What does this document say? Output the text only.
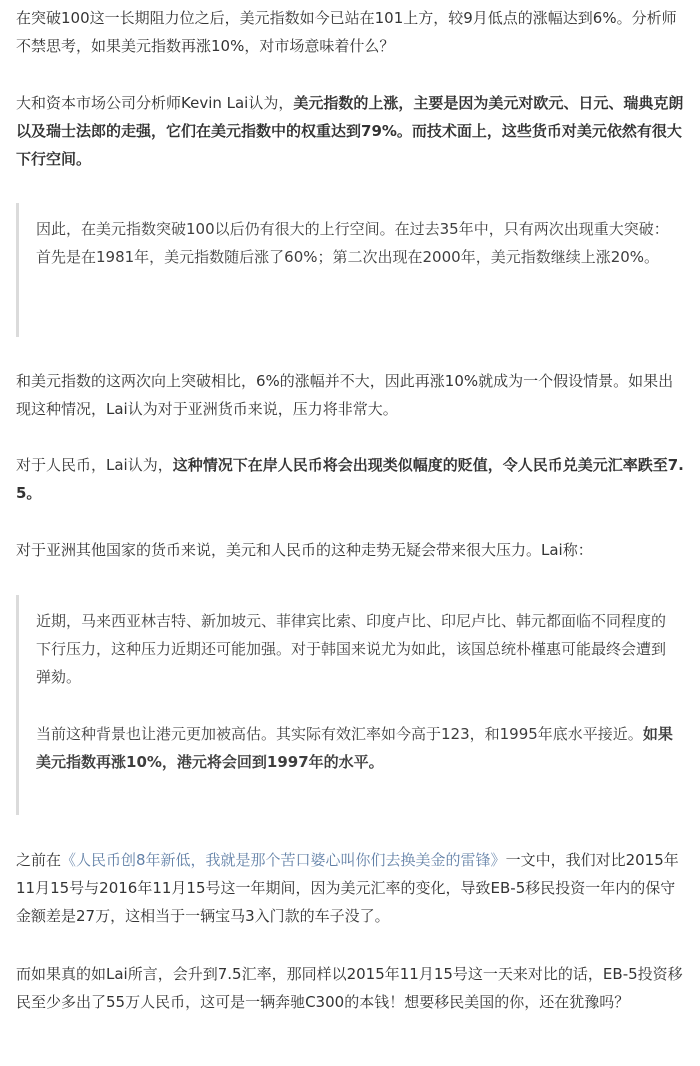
在突破100这一长期阻力位之后，美元指数如今已站在101上方，较9月低点的涨幅达到6%。分析师不禁思考，如果美元指数再涨10%，对市场意味着什么？

大和资本市场公司分析师Kevin Lai认为，美元指数的上涨，主要是因为美元对欧元、日元、瑞典克朗以及瑞士法郎的走强，它们在美元指数中的权重达到79%。而技术面上，这些货币对美元依然有很大下行空间。

因此，在美元指数突破100以后仍有很大的上行空间。在过去35年中，只有两次出现重大突破：首先是在1981年，美元指数随后涨了60%；第二次出现在2000年，美元指数继续上涨20%。

和美元指数的这两次向上突破相比，6%的涨幅并不大，因此再涨10%就成为一个假设情景。如果出现这种情况，Lai认为对于亚洲货币来说，压力将非常大。

对于人民币，Lai认为，这种情况下在岸人民币将会出现类似幅度的贬值，令人民币兑美元汇率跌至7.5。

对于亚洲其他国家的货币来说，美元和人民币的这种走势无疑会带来很大压力。Lai称：

近期，马来西亚林吉特、新加坡元、菲律宾比索、印度卢比、印尼卢比、韩元都面临不同程度的下行压力，这种压力近期还可能加强。对于韩国来说尤为如此，该国总统朴槿惠可能最终会遭到弹劾。

当前这种背景也让港元更加被高估。其实际有效汇率如今高于123，和1995年底水平接近。如果美元指数再涨10%，港元将会回到1997年的水平。

之前在《人民币创8年新低，我就是那个苦口婆心叫你们去换美金的雷锋》一文中，我们对比2015年11月15号与2016年11月15号这一年期间，因为美元汇率的变化，导致EB-5移民投资一年内的保守金额差是27万，这相当于一辆宝马3入门款的车子没了。

而如果真的如Lai所言，会升到7.5汇率，那同样以2015年11月15号这一天来对比的话，EB-5投资移民至少多出了55万人民币，这可是一辆奔驰C300的本钱！想要移民美国的你，还在犹豫吗？
